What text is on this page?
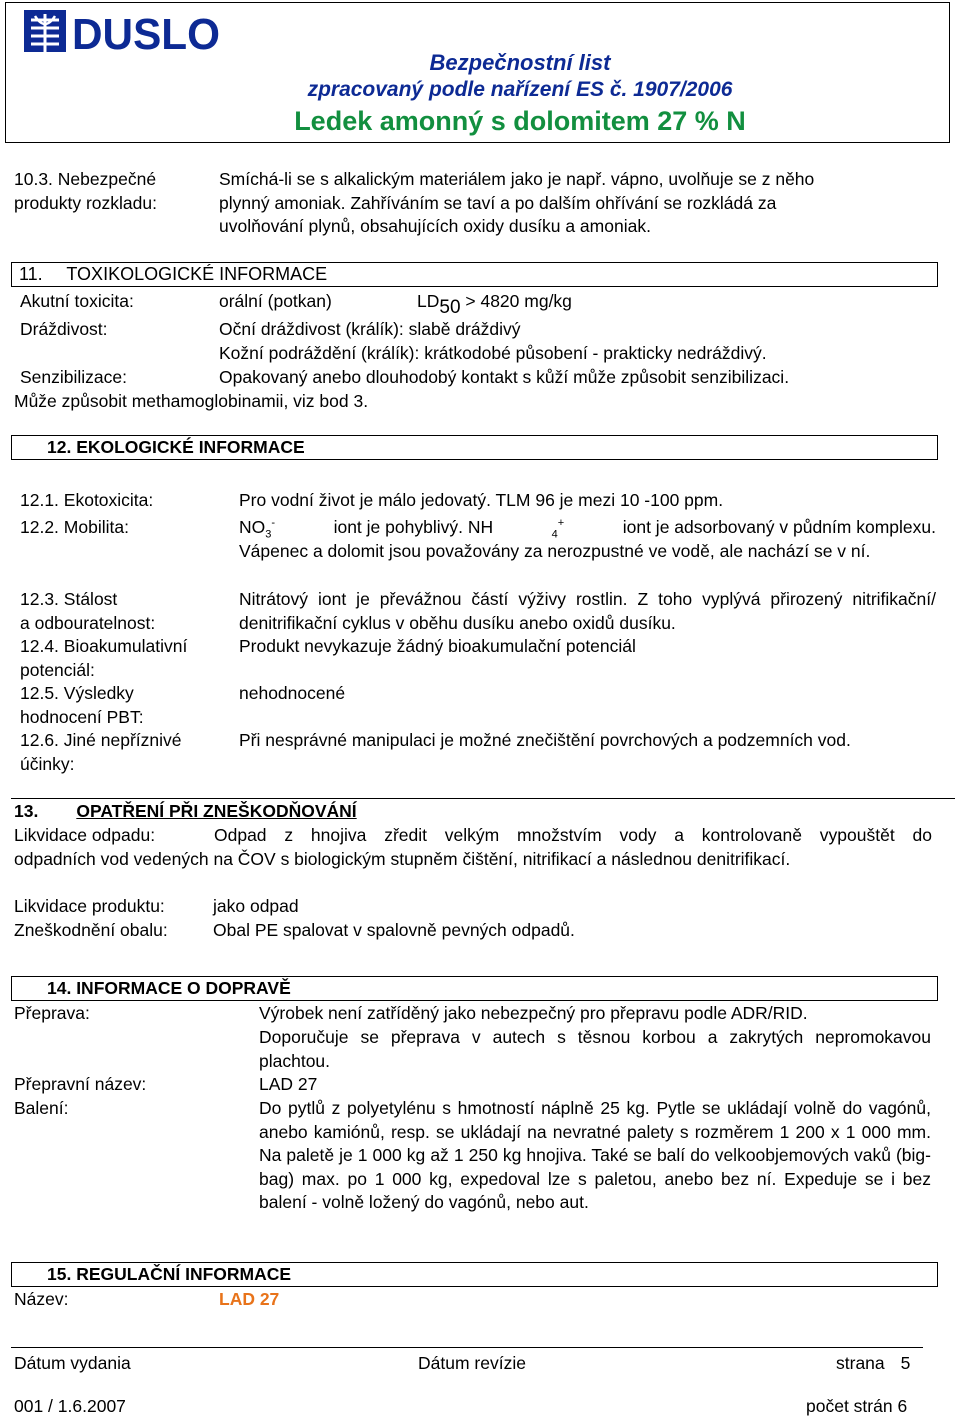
DUSLO
Bezpečnostní list
zpracovaný podle nařízení ES č. 1907/2006
Ledek amonný s dolomitem 27 % N
10.3. Nebezpečné
produkty rozkladu:
Smíchá-li se s alkalickým materiálem jako je např. vápno, uvolňuje se z něho
plynný amoniak. Zahříváním se taví a po dalším ohřívání se rozkládá za
uvolňování plynů, obsahujících oxidy dusíku a amoniak.
11. TOXIKOLOGICKÉ INFORMACE
Akutní toxicita:	orální (potkan)	LD50 > 4820 mg/kg
Dráždivost:	Oční dráždivost (králík): slabě dráždivý
Kožní podráždění (králík): krátkodobé působení - prakticky nedráždivý.
Senzibilizace:	Opakovaný anebo dlouhodobý kontakt s kůží může způsobit senzibilizaci.
Může způsobit methamoglobinamii, viz bod 3.
12. EKOLOGICKÉ INFORMACE
12.1. Ekotoxicita:	Pro vodní život je málo jedovatý. TLM 96 je mezi 10 -100 ppm.
12.2. Mobilita:	$NO_3^-$	iont je pohyblivý. NH	$_4$+	iont je adsorbovaný v půdním komplexu.
Vápenec a dolomit jsou považovány za nerozpustné ve vodě, ale nachází se v ní.
12.3. Stálost
a odbouratelnost:
Nitrátový iont je převážnou částí výživy rostlin. Z toho vyplývá přirozený nitrifikační/ denitrifikační cyklus v oběhu dusíku anebo oxidů dusíku.
12.4. Bioakumulativní
potenciál:
Produkt nevykazuje žádný bioakumulační potenciál
12.5. Výsledky
hodnocení PBT:
nehodnocené
12.6. Jiné nepříznivé
účinky:
Při nesprávné manipulaci je možné znečištění povrchových a podzemních vod.
13. OPATŘENÍ PŘI ZNEŠKODŇOVÁNÍ
Likvidace odpadu:	Odpad z hnojiva zředit velkým množstvím vody a kontrolovaně vypouštět do
odpadních vod vedených na ČOV s biologickým stupněm čištění, nitrifikací a následnou denitrifikací.
Likvidace produktu:	jako odpad
Zneškodnění obalu:	Obal PE spalovat v spalovně pevných odpadů.
14. INFORMACE O DOPRAVĚ
Přeprava:	Výrobek není zatříděný jako nebezpečný pro přepravu podle ADR/RID.
Doporučuje se přeprava v autech s těsnou korbou a zakrytých nepromokavou plachtou.
Přepravní název:	LAD 27
Balení:	Do pytlů z polyetylénu s hmotností náplně 25 kg. Pytle se ukládají volně do vagónů, anebo kamiónů, resp. se ukládají na nevratné palety s rozměrem 1 200 x 1 000 mm. Na paletě je 1 000 kg až 1 250 kg hnojiva. Také se balí do velkoobjemových vaků (big-bag) max. po 1 000 kg, expedoval lze s paletou, anebo bez ní. Expeduje se i bez balení - volně ložený do vagónů, nebo aut.
15. REGULAČNÍ INFORMACE
Název:	LAD 27
Dátum vydania	Dátum revízie	strana 5
001 / 1.6.2007	počet strán 6
